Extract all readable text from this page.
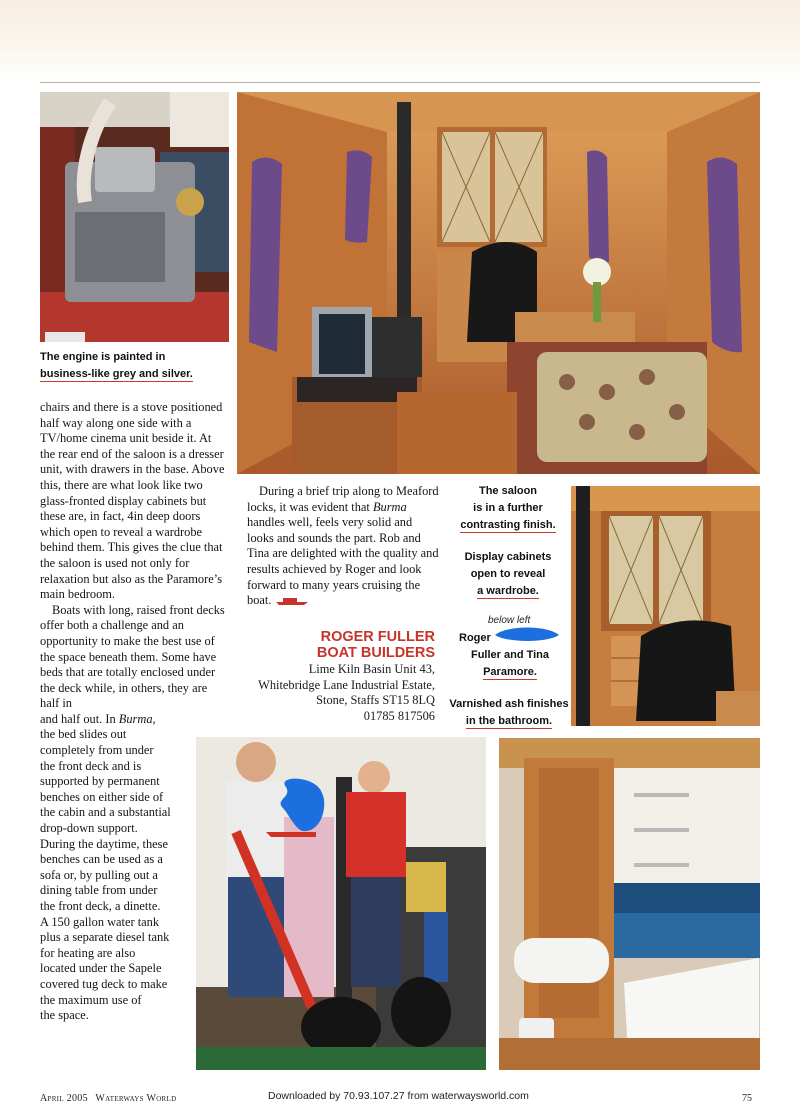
The engine is painted in
business-like grey and silver.

chairs and there is a stove positioned half way along one side with a TV/home cinema unit beside it. At the rear end of the saloon is a dresser unit, with drawers in the base. Above this, there are what look like two glass-fronted display cabinets but these are, in fact, 4in deep doors which open to reveal a wardrobe behind them. This gives the clue that the saloon is used not only for relaxation but also as the Paramore’s main bedroom.

Boats with long, raised front decks offer both a challenge and an opportunity to make the best use of the space beneath them. Some have beds that are totally enclosed under the deck while, in others, they are half in

and half out. In Burma,
the bed slides out
completely from under
the front deck and is
supported by permanent
benches on either side of
the cabin and a substantial
drop-down support.
During the daytime, these
benches can be used as a
sofa or, by pulling out a
dining table from under
the front deck, a dinette.
A 150 gallon water tank
plus a separate diesel tank
for heating are also
located under the Sapele
covered tug deck to make
the maximum use of
the space.

During a brief trip along to Meaford locks, it was evident that Burma handles well, feels very solid and looks and sounds the part. Rob and Tina are delighted with the quality and results achieved by Roger and look forward to many years cruising the boat.

ROGER FULLER
BOAT BUILDERS
Lime Kiln Basin Unit 43,
Whitebridge Lane Industrial Estate,
Stone, Staffs ST15 8LQ
01785 817506
The saloon
is in a further
contrasting finish.
Display cabinets
open to reveal
a wardrobe.
below left
Roger
Fuller and Tina
Paramore.
Varnished ash finishes
in the bathroom.
April 2005 Waterways World	Downloaded by 70.93.107.27 from waterwaysworld.com	75
